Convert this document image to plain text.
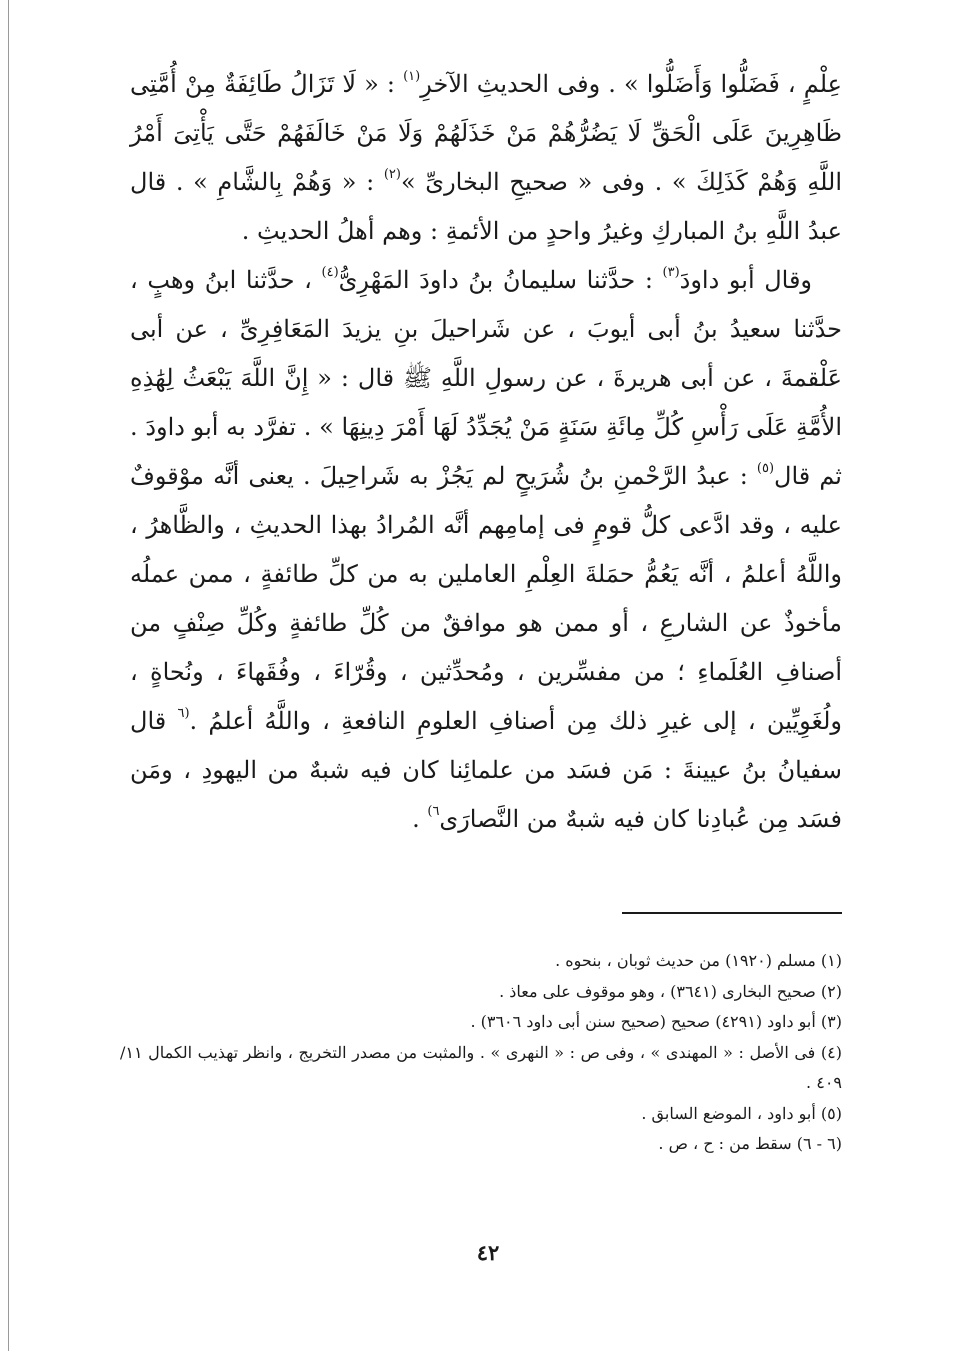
عِلْمٍ ، فَضَلُّوا وَأَضَلُّوا » . وفى الحديثِ الآخرِ$^{(١)}$ : « لَا تَزَالُ طَائِفَةٌ مِنْ أُمَّتِى ظَاهِرِينَ عَلَى الْحَقِّ لَا يَضُرُّهُمْ مَنْ خَذَلَهُمْ وَلَا مَنْ خَالَفَهُمْ حَتَّى يَأْتِىَ أَمْرُ اللَّهِ وَهُمْ كَذَلِكَ » . وفى « صحيحِ البخارىِّ »$^{(٢)}$ : « وَهُمْ بِالشَّامِ » . قال عبدُ اللَّهِ بنُ المباركِ وغيرُ واحدٍ من الأئمةِ : وهم أهلُ الحديثِ .

وقال أبو داودَ$^{(٣)}$ : حدَّثنا سليمانُ بنُ داودَ المَهْرِىُّ$^{(٤)}$ ، حدَّثنا ابنُ وهبٍ ، حدَّثنا سعيدُ بنُ أبى أيوبَ ، عن شَراحيلَ بنِ يزيدَ المَعَافِرِىِّ ، عن أبى عَلْقمةَ ، عن أبى هريرةَ ، عن رسولِ اللَّهِ ﷺ قال : « إِنَّ اللَّهَ يَبْعَثُ لِهَٰذِهِ الأُمَّةِ عَلَى رَأْسِ كُلِّ مِائَةِ سَنَةٍ مَنْ يُجَدِّدُ لَهَا أَمْرَ دِينِهَا » . تفرَّد به أبو داودَ . ثم قال$^{(٥)}$ : عبدُ الرَّحْمنِ بنُ شُرَيحٍ لم يَجُزْ به شَراحِيلَ . يعنى أنَّه موْقوفٌ عليه ، وقد ادَّعى كلُّ قومٍ فى إمامِهم أنَّه المُرادُ بهذا الحديثِ ، والظَّاهرُ ، واللَّهُ أعلمُ ، أنَّه يَعُمُّ حمَلةَ العِلْمِ العاملين به من كلِّ طائفةٍ ، ممن عملُه مأخوذٌ عن الشارعِ ، أو ممن هو موافقٌ من كُلِّ طائفةٍ وكُلِّ صِنْفٍ من أصنافِ العُلَماءِ ؛ من مفسِّرين ، ومُحدِّثين ، وقُرّاءَ ، وفُقَهاءَ ، ونُحاةٍ ، ولُغَوِيِّين ، إلى غيرِ ذلك مِن أصنافِ العلومِ النافعةِ ، واللَّهُ أعلمُ .$^{(٦}$ قال سفيانُ بنُ عيينةَ : مَن فسَد من علمائِنا كان فيه شبهٌ من اليهودِ ، ومَن فسَد مِن عُبادِنا كان فيه شبهٌ من النَّصارَى$^{٦)}$ .

(١) مسلم (١٩٢٠) من حديث ثوبان ، بنحوه .
(٢) صحيح البخارى (٣٦٤١) ، وهو موقوف على معاذ .
(٣) أبو داود (٤٢٩١) صحيح (صحيح سنن أبى داود ٣٦٠٦) .
(٤) فى الأصل : « المهندى » ، وفى ص : « النهرى » . والمثبت من مصدر التخريج ، وانظر تهذيب الكمال ١١/ ٤٠٩ .
(٥) أبو داود ، الموضع السابق .
(٦ - ٦) سقط من : ح ، ص .
٤٢
